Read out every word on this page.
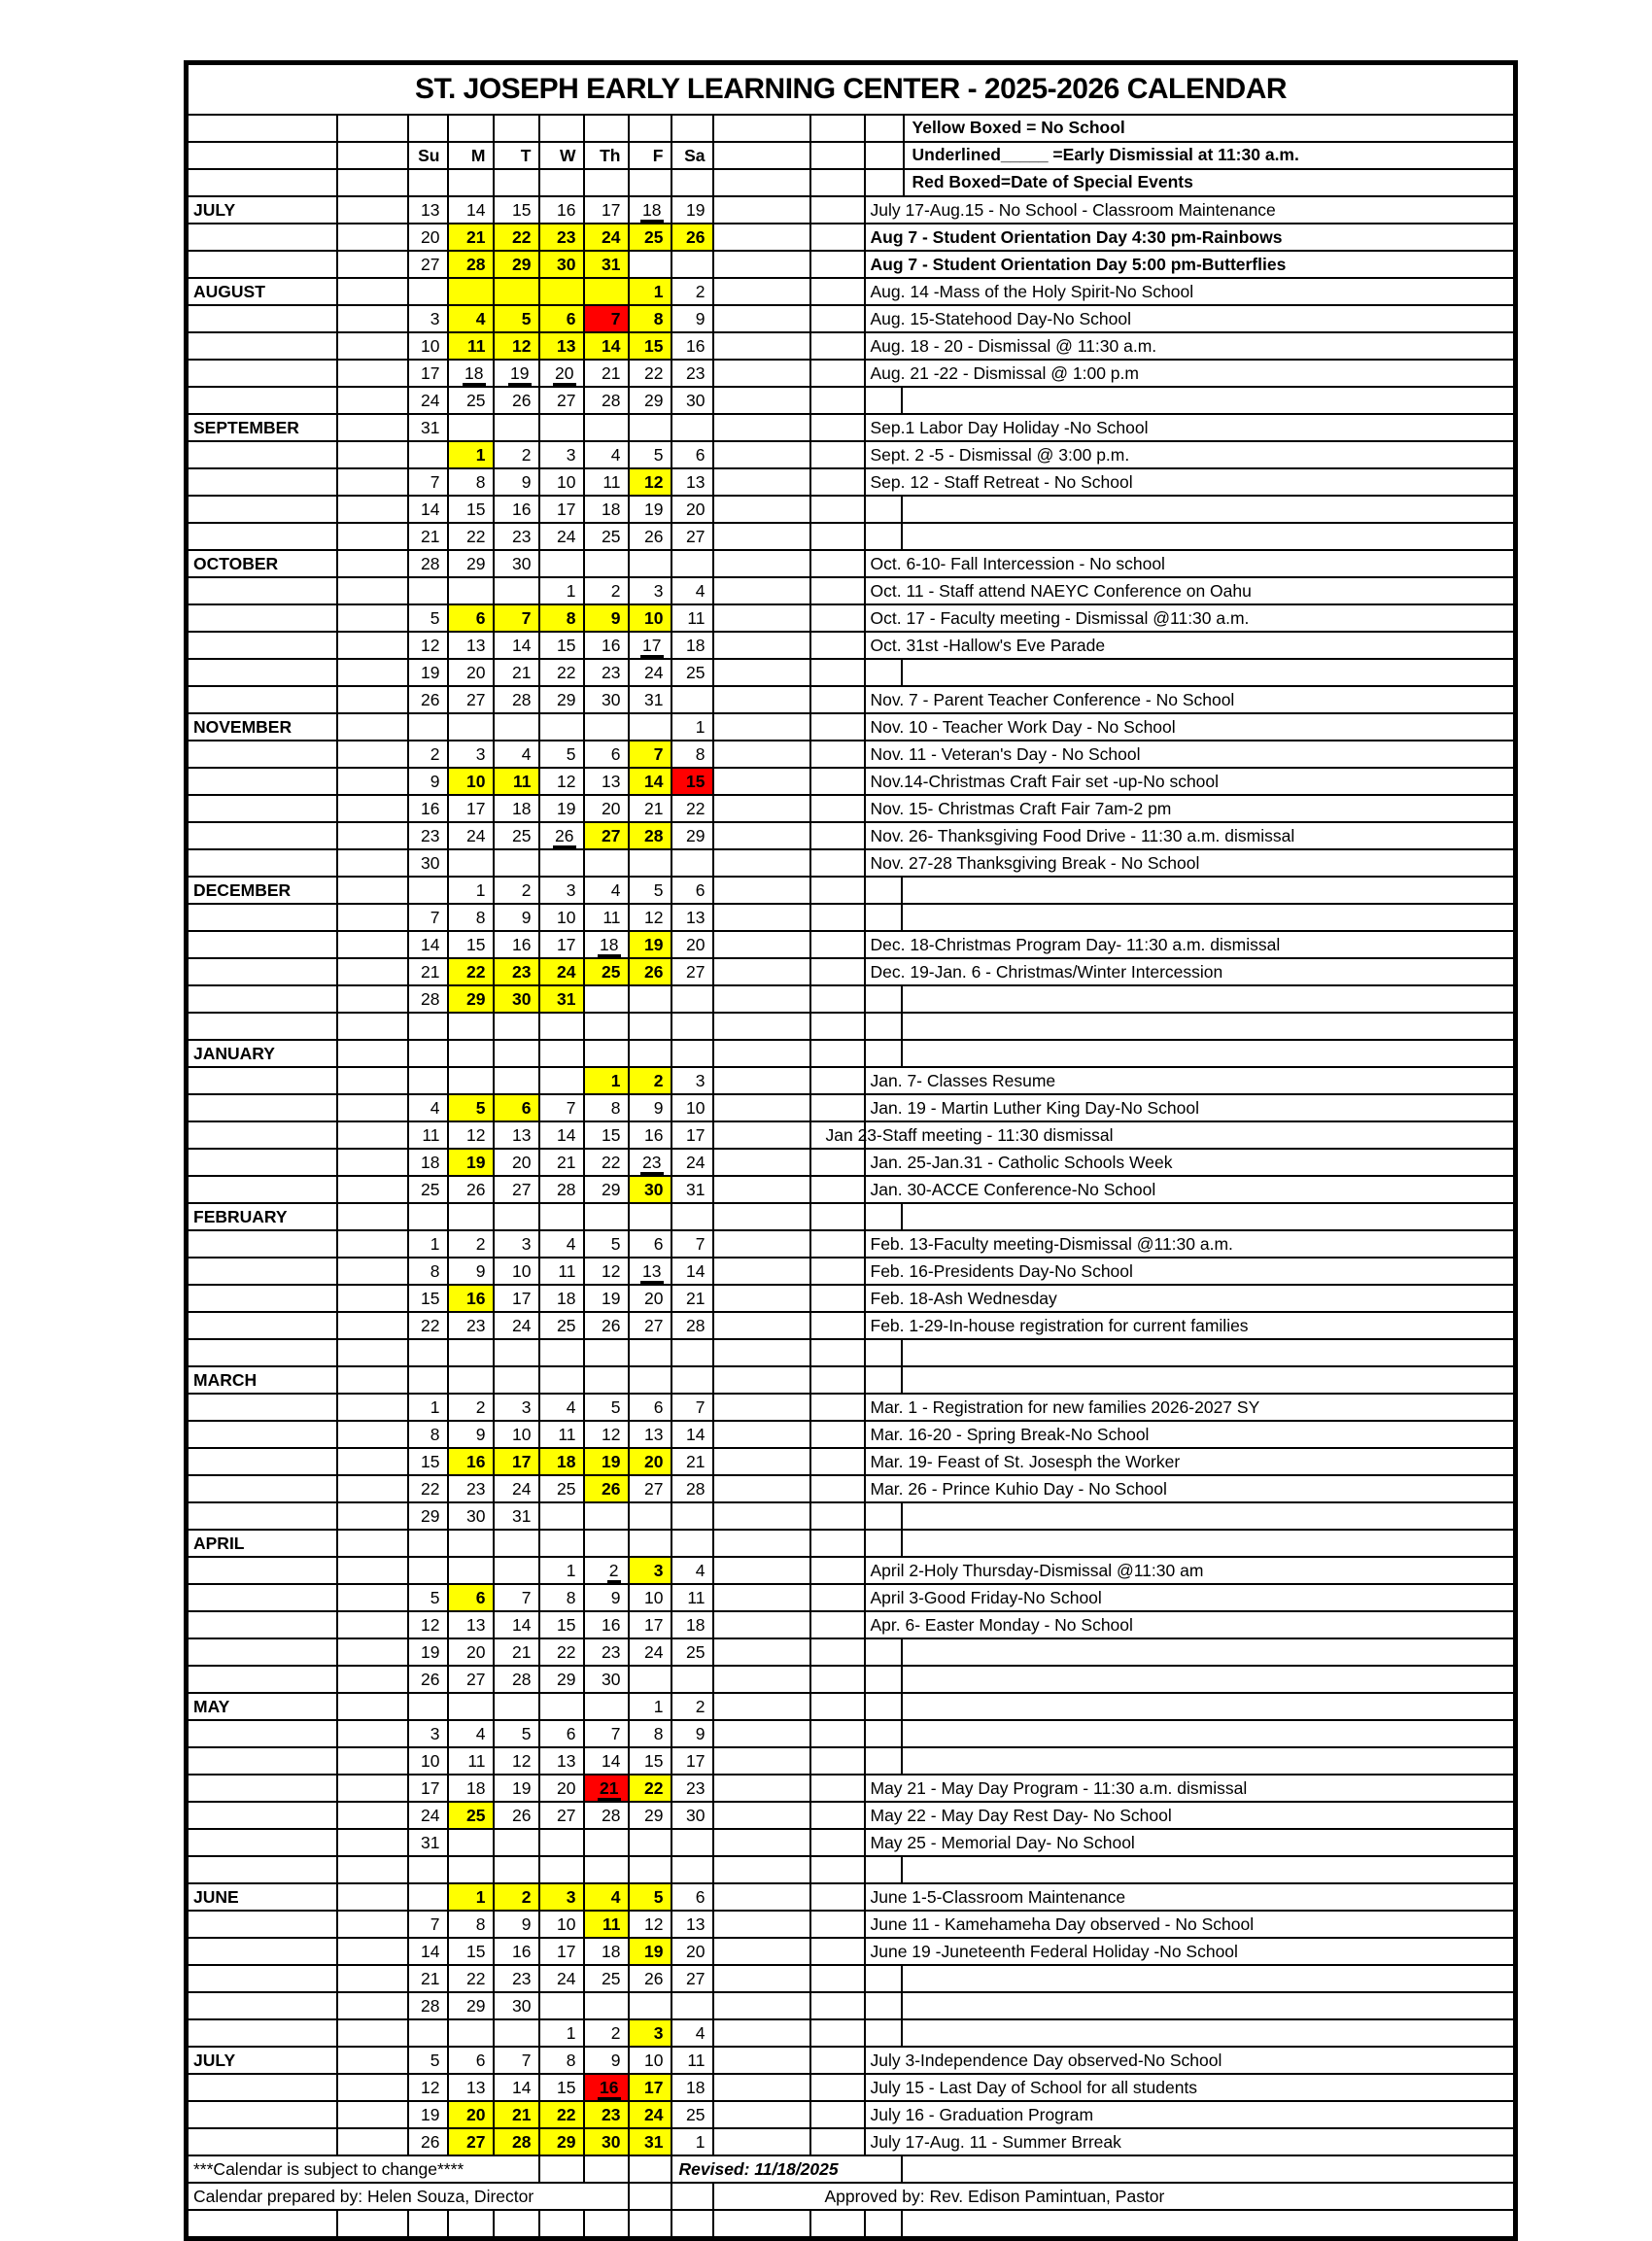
ST. JOSEPH EARLY LEARNING CENTER - 2025-2026 CALENDAR												

											Yellow Boxed = No School	

		Su	M	T	W	Th	F	Sa			Underlined_____ =Early Dismissial at 11:30 a.m.	

											Red Boxed=Date of Special Events	

JULY		13	14	15	16	17	18	19			July 17-Aug.15 - No School - Classroom Maintenance	
		20	21	22	23	24	25	26			Aug 7 - Student Orientation Day 4:30 pm-Rainbows	
		27	28	29	30	31					Aug 7 - Student Orientation Day 5:00 pm-Butterflies	
AUGUST							1	2			Aug. 14 -Mass of the Holy Spirit-No School	
		3	4	5	6	7	8	9			Aug. 15-Statehood Day-No School	
		10	11	12	13	14	15	16			Aug. 18 - 20 - Dismissal @ 11:30 a.m.	
		17	18	19	20	21	22	23			Aug. 21 -22 - Dismissal @ 1:00 p.m	
		24	25	26	27	28	29	30				
SEPTEMBER		31									Sep.1 Labor Day Holiday -No School	
			1	2	3	4	5	6			Sept. 2 -5 - Dismissal @ 3:00 p.m.	
		7	8	9	10	11	12	13			Sep. 12 - Staff Retreat - No School	
		14	15	16	17	18	19	20				
		21	22	23	24	25	26	27				
OCTOBER		28	29	30							Oct. 6-10- Fall Intercession - No school	
					1	2	3	4			Oct. 11 - Staff attend NAEYC Conference on Oahu	
		5	6	7	8	9	10	11			Oct. 17 - Faculty meeting - Dismissal @11:30 a.m.	
		12	13	14	15	16	17	18			Oct. 31st -Hallow's Eve Parade	
		19	20	21	22	23	24	25				
		26	27	28	29	30	31				Nov. 7 - Parent Teacher Conference - No School	
NOVEMBER								1			Nov. 10 - Teacher Work Day - No School	
		2	3	4	5	6	7	8			Nov. 11 - Veteran's Day - No School	
		9	10	11	12	13	14	15			Nov.14-Christmas Craft Fair set -up-No school	
		16	17	18	19	20	21	22			Nov. 15- Christmas Craft Fair 7am-2 pm	
		23	24	25	26	27	28	29			Nov. 26- Thanksgiving Food Drive - 11:30 a.m. dismissal	
		30									Nov. 27-28 Thanksgiving Break - No School	
DECEMBER			1	2	3	4	5	6				
		7	8	9	10	11	12	13				
		14	15	16	17	18	19	20			Dec. 18-Christmas Program Day- 11:30 a.m. dismissal	
		21	22	23	24	25	26	27			Dec. 19-Jan. 6 - Christmas/Winter Intercession	
		28	29	30	31							

JANUARY												
						1	2	3			Jan. 7- Classes Resume	
		4	5	6	7	8	9	10			Jan. 19 - Martin Luther King Day-No School	
		11	12	13	14	15	16	17			Jan 23-Staff meeting - 11:30 dismissal	
		18	19	20	21	22	23	24			Jan. 25-Jan.31 - Catholic Schools Week	
		25	26	27	28	29	30	31			Jan. 30-ACCE Conference-No School	
FEBRUARY												
		1	2	3	4	5	6	7			Feb. 13-Faculty meeting-Dismissal @11:30 a.m.	
		8	9	10	11	12	13	14			Feb. 16-Presidents Day-No School	
		15	16	17	18	19	20	21			Feb. 18-Ash Wednesday	
		22	23	24	25	26	27	28			Feb. 1-29-In-house registration for current families	

MARCH												
		1	2	3	4	5	6	7			Mar. 1 - Registration for new families 2026-2027 SY	
		8	9	10	11	12	13	14			Mar. 16-20 - Spring Break-No School	
		15	16	17	18	19	20	21			Mar. 19- Feast of St. Josesph the Worker	
		22	23	24	25	26	27	28			Mar. 26 - Prince Kuhio Day - No School	
		29	30	31								
APRIL												
					1	2	3	4			April 2-Holy Thursday-Dismissal @11:30 am	
		5	6	7	8	9	10	11			April 3-Good Friday-No School	
		12	13	14	15	16	17	18			Apr. 6- Easter Monday - No School	
		19	20	21	22	23	24	25				
		26	27	28	29	30						
MAY							1	2				
		3	4	5	6	7	8	9				
		10	11	12	13	14	15	17				
		17	18	19	20	21	22	23			May 21 - May Day Program - 11:30 a.m. dismissal	
		24	25	26	27	28	29	30			May 22 - May Day Rest Day- No School	
		31									May 25 - Memorial Day- No School	

JUNE			1	2	3	4	5	6			June 1-5-Classroom Maintenance	
		7	8	9	10	11	12	13			June 11 - Kamehameha Day observed - No School	
		14	15	16	17	18	19	20			June 19 -Juneteenth Federal Holiday -No School	
		21	22	23	24	25	26	27				
		28	29	30								
					1	2	3	4				
JULY		5	6	7	8	9	10	11			July 3-Independence Day observed-No School	
		12	13	14	15	16	17	18			July 15 - Last Day of School for all students	
		19	20	21	22	23	24	25			July 16 - Graduation Program	
		26	27	28	29	30	31	1			July 17-Aug. 11 - Summer Brreak	
***Calendar is subject to change****								Revised: 11/18/2025				
Calendar prepared by: Helen Souza, Director									Approved by: Rev. Edison Pamintuan, Pastor			
